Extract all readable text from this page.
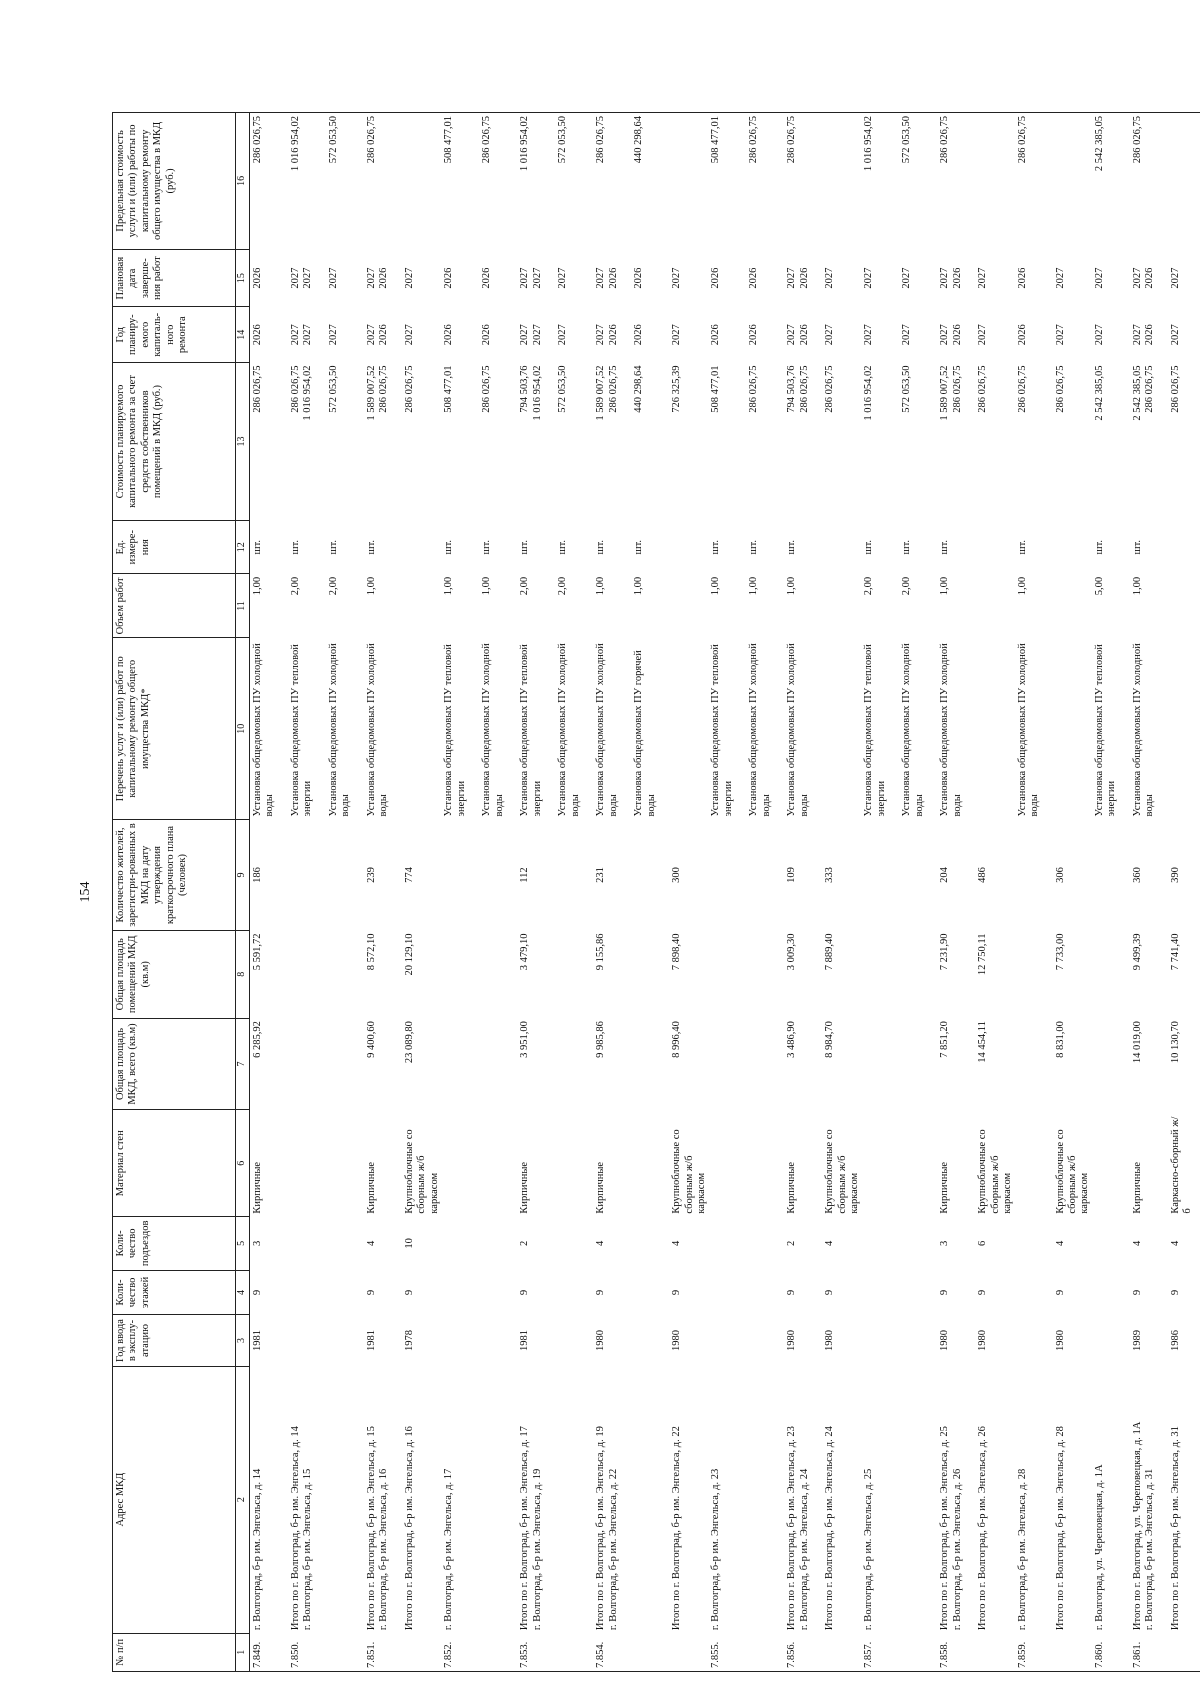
154
№ п/п	Адрес МКД	Год ввода в эксплу-атацию	Коли-чество этажей	Коли-чество подъездов	Материал стен	Общая площадь МКД, всего (кв.м)	Общая площадь помещений МКД (кв.м)	Количество жителей, зарегистри-рованных в МКД на дату утверждения краткосрочного плана (человек)	Перечень услуг и (или) работ по капитальному ремонту общего имущества МКД*	Объем работ	Ед. измере-ния	Стоимость планируемого капитального ремонта за счет средств собственников помещений в МКД (руб.)	Год планиру-емого капиталь-ного ремонта	Плановая дата заверше-ния работ	Предельная стоимость услуги и (или) работы по капитальному ремонту общего имущества в МКД (руб.)
1	2	3	4	5	6	7	8	9	10	11	12	13	14	15	16
7.849.	г. Волгоград, б-р им. Энгельса, д. 14	1981	9	3	Кирпичные	6 285,92	5 591,72	186	Установка общедомовых ПУ холодной воды	1,00	шт.	286 026,75	2026	2026	286 026,75
7.850.	Итого по г. Волгоград, б-р им. Энгельса, д. 14 г. Волгоград, б-р им. Энгельса, д. 15								Установка общедомовых ПУ тепловой энергии	2,00	шт.	286 026,75 1 016 954,02	2027 2027	2027 2027	1 016 954,02
									Установка общедомовых ПУ холодной воды	2,00	шт.	572 053,50	2027	2027	572 053,50
7.851.	Итого по г. Волгоград, б-р им. Энгельса, д. 15 г. Волгоград, б-р им. Энгельса, д. 16	1981	9	4	Кирпичные	9 400,60	8 572,10	239	Установка общедомовых ПУ холодной воды	1,00	шт.	1 589 007,52 286 026,75	2027 2026	2027 2026	286 026,75

	Итого по г. Волгоград, б-р им. Энгельса, д. 16	1978	9	10	Крупноблочные со сборным ж/б каркасом	23 089,80	20 129,10	774				286 026,75	2027	2027	

7.852.	г. Волгоград, б-р им. Энгельса, д. 17								Установка общедомовых ПУ тепловой энергии	1,00	шт.	508 477,01	2026	2026	508 477,01
									Установка общедомовых ПУ холодной воды	1,00	шт.	286 026,75	2026	2026	286 026,75
7.853.	Итого по г. Волгоград, б-р им. Энгельса, д. 17 г. Волгоград, б-р им. Энгельса, д. 19	1981	9	2	Кирпичные	3 951,00	3 479,10	112	Установка общедомовых ПУ тепловой энергии	2,00	шт.	794 503,76 1 016 954,02	2027 2027	2027 2027	1 016 954,02
									Установка общедомовых ПУ холодной воды	2,00	шт.	572 053,50	2027	2027	572 053,50
7.854.	Итого по г. Волгоград, б-р им. Энгельса, д. 19 г. Волгоград, б-р им. Энгельса, д. 22	1980	9	4	Кирпичные	9 985,86	9 155,86	231	Установка общедомовых ПУ холодной воды	1,00	шт.	1 589 007,52 286 026,75	2027 2026	2027 2026	286 026,75
									Установка общедомовых ПУ горячей воды	1,00	шт.	440 298,64	2026	2026	440 298,64

	Итого по г. Волгоград, б-р им. Энгельса, д. 22	1980	9	4	Крупноблочные со сборным ж/б каркасом	8 996,40	7 898,40	300				726 325,39	2027	2027	

7.855.	г. Волгоград, б-р им. Энгельса, д. 23								Установка общедомовых ПУ тепловой энергии	1,00	шт.	508 477,01	2026	2026	508 477,01
									Установка общедомовых ПУ холодной воды	1,00	шт.	286 026,75	2026	2026	286 026,75
7.856.	Итого по г. Волгоград, б-р им. Энгельса, д. 23 г. Волгоград, б-р им. Энгельса, д. 24	1980	9	2	Кирпичные	3 486,90	3 009,30	109	Установка общедомовых ПУ холодной воды	1,00	шт.	794 503,76 286 026,75	2027 2026	2027 2026	286 026,75

	Итого по г. Волгоград, б-р им. Энгельса, д. 24	1980	9	4	Крупноблочные со сборным ж/б каркасом	8 984,70	7 889,40	333				286 026,75	2027	2027	

7.857.	г. Волгоград, б-р им. Энгельса, д. 25								Установка общедомовых ПУ тепловой энергии	2,00	шт.	1 016 954,02	2027	2027	1 016 954,02
									Установка общедомовых ПУ холодной воды	2,00	шт.	572 053,50	2027	2027	572 053,50
7.858.	Итого по г. Волгоград, б-р им. Энгельса, д. 25 г. Волгоград, б-р им. Энгельса, д. 26	1980	9	3	Кирпичные	7 851,20	7 231,90	204	Установка общедомовых ПУ холодной воды	1,00	шт.	1 589 007,52 286 026,75	2027 2026	2027 2026	286 026,75

	Итого по г. Волгоград, б-р им. Энгельса, д. 26	1980	9	6	Крупноблочные со сборным ж/б каркасом	14 454,11	12 750,11	486				286 026,75	2027	2027	

7.859.	г. Волгоград, б-р им. Энгельса, д. 28								Установка общедомовых ПУ холодной воды	1,00	шт.	286 026,75	2026	2026	286 026,75

	Итого по г. Волгоград, б-р им. Энгельса, д. 28	1980	9	4	Крупноблочные со сборным ж/б каркасом	8 831,00	7 733,00	306				286 026,75	2027	2027	

7.860.	г. Волгоград, ул. Череповецкая, д. 1А								Установка общедомовых ПУ тепловой энергии	5,00	шт.	2 542 385,05	2027	2027	2 542 385,05
7.861.	Итого по г. Волгоград, ул. Череповецкая, д. 1А г. Волгоград, б-р им. Энгельса, д. 31	1989	9	4	Кирпичные	14 019,00	9 499,39	360	Установка общедомовых ПУ холодной воды	1,00	шт.	2 542 385,05 286 026,75	2027 2026	2027 2026	286 026,75

	Итого по г. Волгоград, б-р им. Энгельса, д. 31	1986	9	4	Каркасно-сборный ж/б	10 130,70	7 741,40	390				286 026,75	2027	2027	
